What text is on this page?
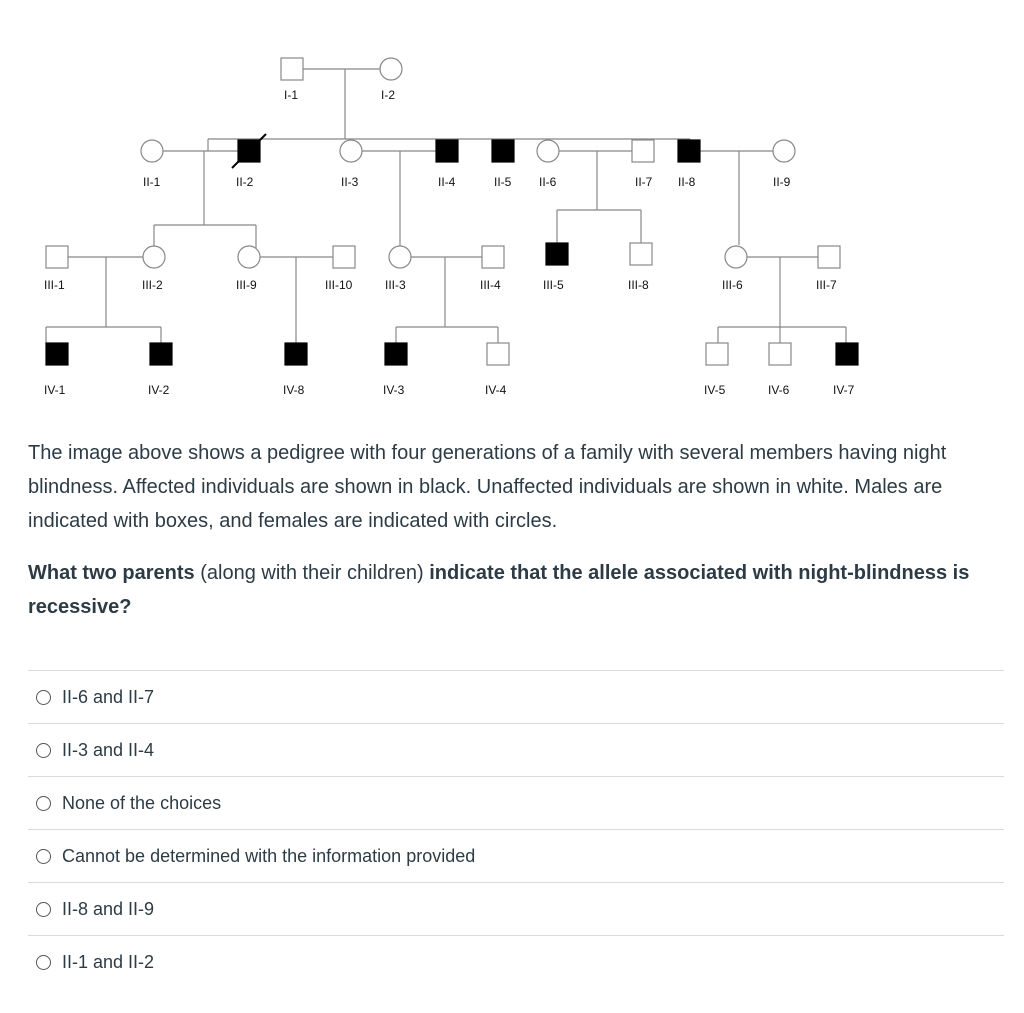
I-1	I-2
II-1	II-2	II-3	II-4	II-5 II-6	II-7 II-8	II-9
III-1	III-2	III-9	III-10	III-3	III-4	III-5	III-8	III-6	III-7
IV-1	IV-2	IV-8	IV-3	IV-4	IV-5	IV-6	IV-7

The image above shows a pedigree with four generations of a family with several members having night blindness. Affected individuals are shown in black. Unaffected individuals are shown in white. Males are indicated with boxes, and females are indicated with circles.

What two parents (along with their children) indicate that the allele associated with night-blindness is recessive?

II-6 and II-7
II-3 and II-4
None of the choices
Cannot be determined with the information provided
II-8 and II-9
II-1 and II-2
